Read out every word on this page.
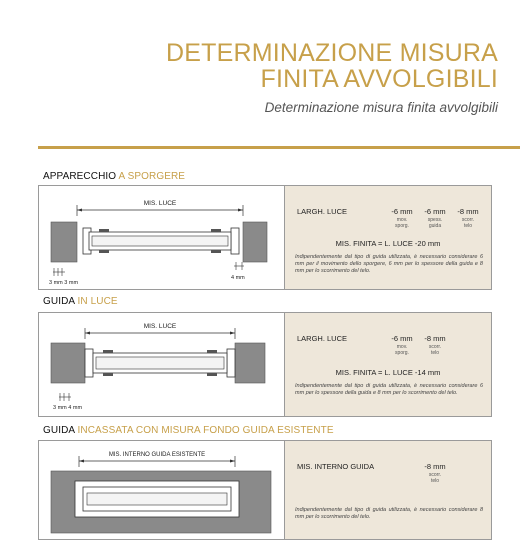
DETERMINAZIONE MISURA
FINITA AVVOLGIBILI
Determinazione misura finita avvolgibili
APPARECCHIO A SPORGERE
MIS. LUCE
3 mm 3 mm
4 mm
LARGH. LUCE	-6 mm	-6 mm	-8 mm
mov.
sporg.
spess.
guida
scorr.
telo
MIS. FINITA = L. LUCE -20 mm
Indipendentemente dal tipo di guida utilizzata, è necessario considerare 6 mm per il movimento dello sporgere, 6 mm per lo spessore della guida e 8 mm per lo scorrimento del telo.
GUIDA IN LUCE
MIS. LUCE
3 mm 4 mm
LARGH. LUCE	-6 mm	-8 mm
mov.
sporg.
scorr.
telo
MIS. FINITA = L. LUCE -14 mm
Indipendentemente dal tipo di guida utilizzata, è necessario considerare 6 mm per lo spessore della guida e 8 mm per lo scorrimento del telo.
GUIDA INCASSATA CON MISURA FONDO GUIDA ESISTENTE
MIS. INTERNO GUIDA ESISTENTE
MIS. INTERNO GUIDA	-8 mm
scorr.
telo
Indipendentemente dal tipo di guida utilizzata, è necessario considerare 8 mm per lo scorrimento del telo.
